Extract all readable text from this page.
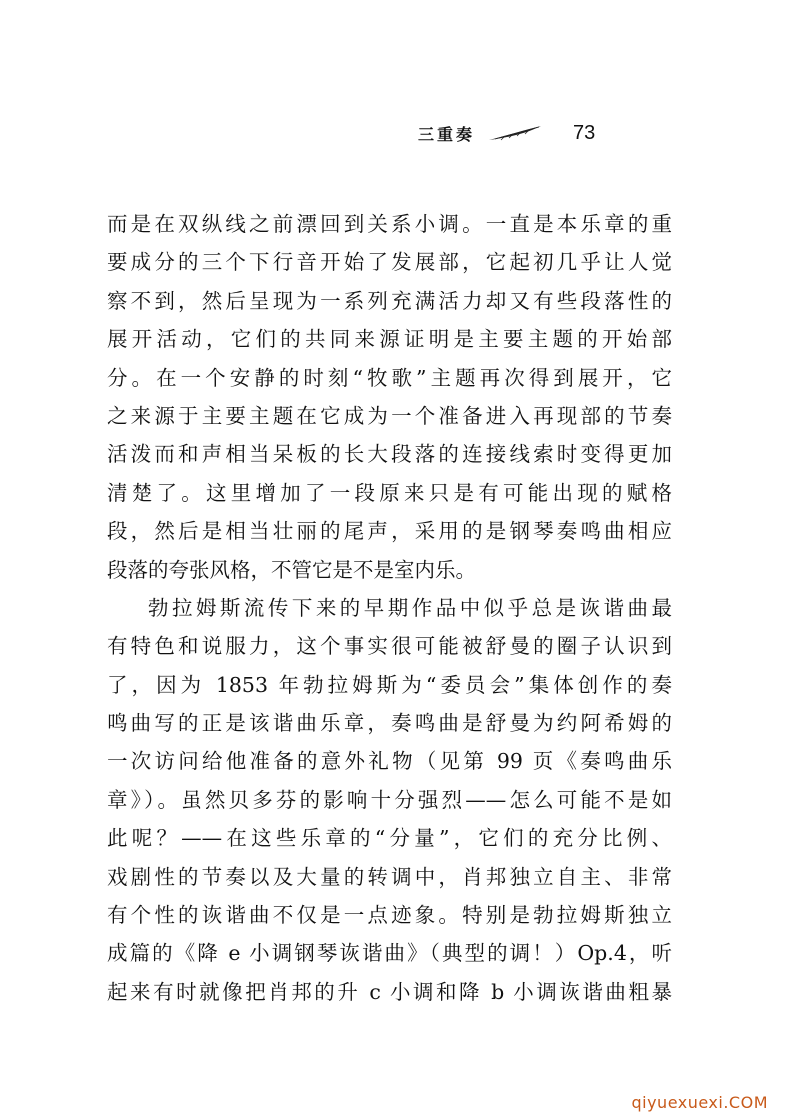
三重奏	73
而是在双纵线之前漂回到关系小调。一直是本乐章的重
要成分的三个下行音开始了发展部，它起初几乎让人觉
察不到，然后呈现为一系列充满活力却又有些段落性的
展开活动，它们的共同来源证明是主要主题的开始部
分。在一个安静的时刻“牧歌”主题再次得到展开，它
之来源于主要主题在它成为一个准备进入再现部的节奏
活泼而和声相当呆板的长大段落的连接线索时变得更加
清楚了。这里增加了一段原来只是有可能出现的赋格
段，然后是相当壮丽的尾声，采用的是钢琴奏鸣曲相应
段落的夸张风格，不管它是不是室内乐。
勃拉姆斯流传下来的早期作品中似乎总是诙谐曲最
有特色和说服力，这个事实很可能被舒曼的圈子认识到
了，因为 1853 年勃拉姆斯为“委员会”集体创作的奏
鸣曲写的正是该谐曲乐章，奏鸣曲是舒曼为约阿希姆的
一次访问给他准备的意外礼物（见第 99 页《奏鸣曲乐
章》）。虽然贝多芬的影响十分强烈——怎么可能不是如
此呢？——在这些乐章的“分量”，它们的充分比例、
戏剧性的节奏以及大量的转调中，肖邦独立自主、非常
有个性的诙谐曲不仅是一点迹象。特别是勃拉姆斯独立
成篇的《降 e 小调钢琴诙谐曲》（典型的调！）Op.4，听
起来有时就像把肖邦的升 c 小调和降 b 小调诙谐曲粗暴
qiyuexuexi.COM
